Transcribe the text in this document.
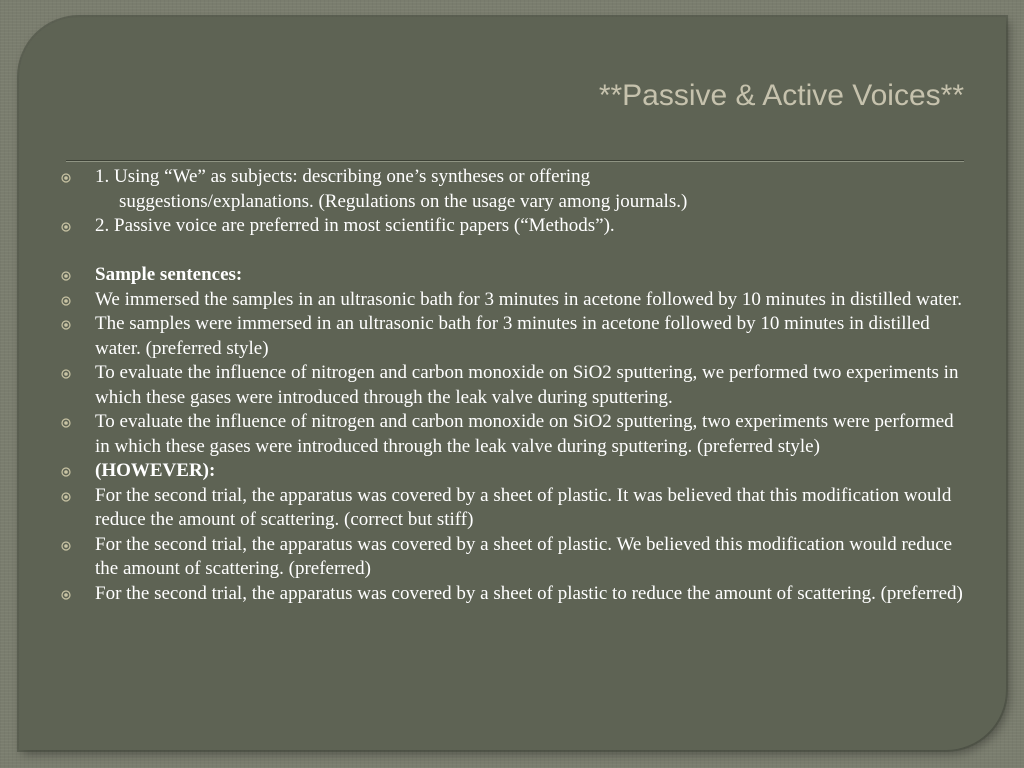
**Passive & Active Voices**
1. Using “We” as subjects: describing one’s syntheses or offering
suggestions/explanations. (Regulations on the usage vary among journals.)
2. Passive voice are preferred in most scientific papers (“Methods”).
Sample sentences:
We immersed the samples in an ultrasonic bath for 3 minutes in acetone followed by 10 minutes in distilled water.
The samples were immersed in an ultrasonic bath for 3 minutes in acetone followed by 10 minutes in distilled water. (preferred style)
To evaluate the influence of nitrogen and carbon monoxide on SiO2 sputtering, we performed two experiments in which these gases were introduced through the leak valve during sputtering.
To evaluate the influence of nitrogen and carbon monoxide on SiO2 sputtering, two experiments were performed in which these gases were introduced through the leak valve during sputtering. (preferred style)
(HOWEVER):
For the second trial, the apparatus was covered by a sheet of plastic. It was believed that this modification would reduce the amount of scattering. (correct but stiff)
For the second trial, the apparatus was covered by a sheet of plastic. We believed this modification would reduce the amount of scattering. (preferred)
For the second trial, the apparatus was covered by a sheet of plastic to reduce the amount of scattering. (preferred)
